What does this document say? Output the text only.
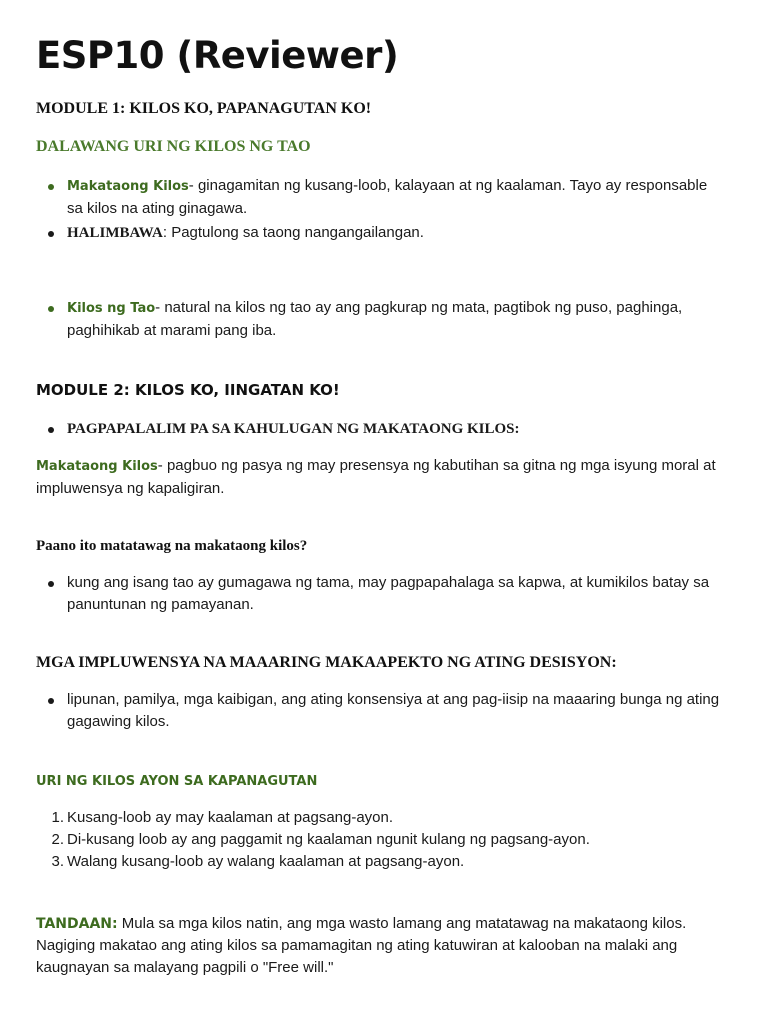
ESP10 (Reviewer)
MODULE 1: KILOS KO, PAPANAGUTAN KO!
DALAWANG URI NG KILOS NG TAO
Makataong Kilos- ginagamitan ng kusang-loob, kalayaan at ng kaalaman. Tayo ay responsable sa kilos na ating ginagawa.
HALIMBAWA: Pagtulong sa taong nangangailangan.
Kilos ng Tao- natural na kilos ng tao ay ang pagkurap ng mata, pagtibok ng puso, paghinga, paghihikab at marami pang iba.
MODULE 2: KILOS KO, IINGATAN KO!
PAGPAPALALIM PA SA KAHULUGAN NG MAKATAONG KILOS:
Makataong Kilos- pagbuo ng pasya ng may presensya ng kabutihan sa gitna ng mga isyung moral at impluwensya ng kapaligiran.
Paano ito matatawag na makataong kilos?
kung ang isang tao ay gumagawa ng tama, may pagpapahalaga sa kapwa, at kumikilos batay sa panuntunan ng pamayanan.
MGA IMPLUWENSYA NA MAAARING MAKAAPEKTO NG ATING DESISYON:
lipunan, pamilya, mga kaibigan, ang ating konsensiya at ang pag-iisip na maaaring bunga ng ating gagawing kilos.
URI NG KILOS AYON SA KAPANAGUTAN
1. Kusang-loob ay may kaalaman at pagsang-ayon.
2. Di-kusang loob ay ang paggamit ng kaalaman ngunit kulang ng pagsang-ayon.
3. Walang kusang-loob ay walang kaalaman at pagsang-ayon.
TANDAAN: Mula sa mga kilos natin, ang mga wasto lamang ang matatawag na makataong kilos. Nagiging makatao ang ating kilos sa pamamagitan ng ating katuwiran at kalooban na malaki ang kaugnayan sa malayang pagpili o "Free will."
